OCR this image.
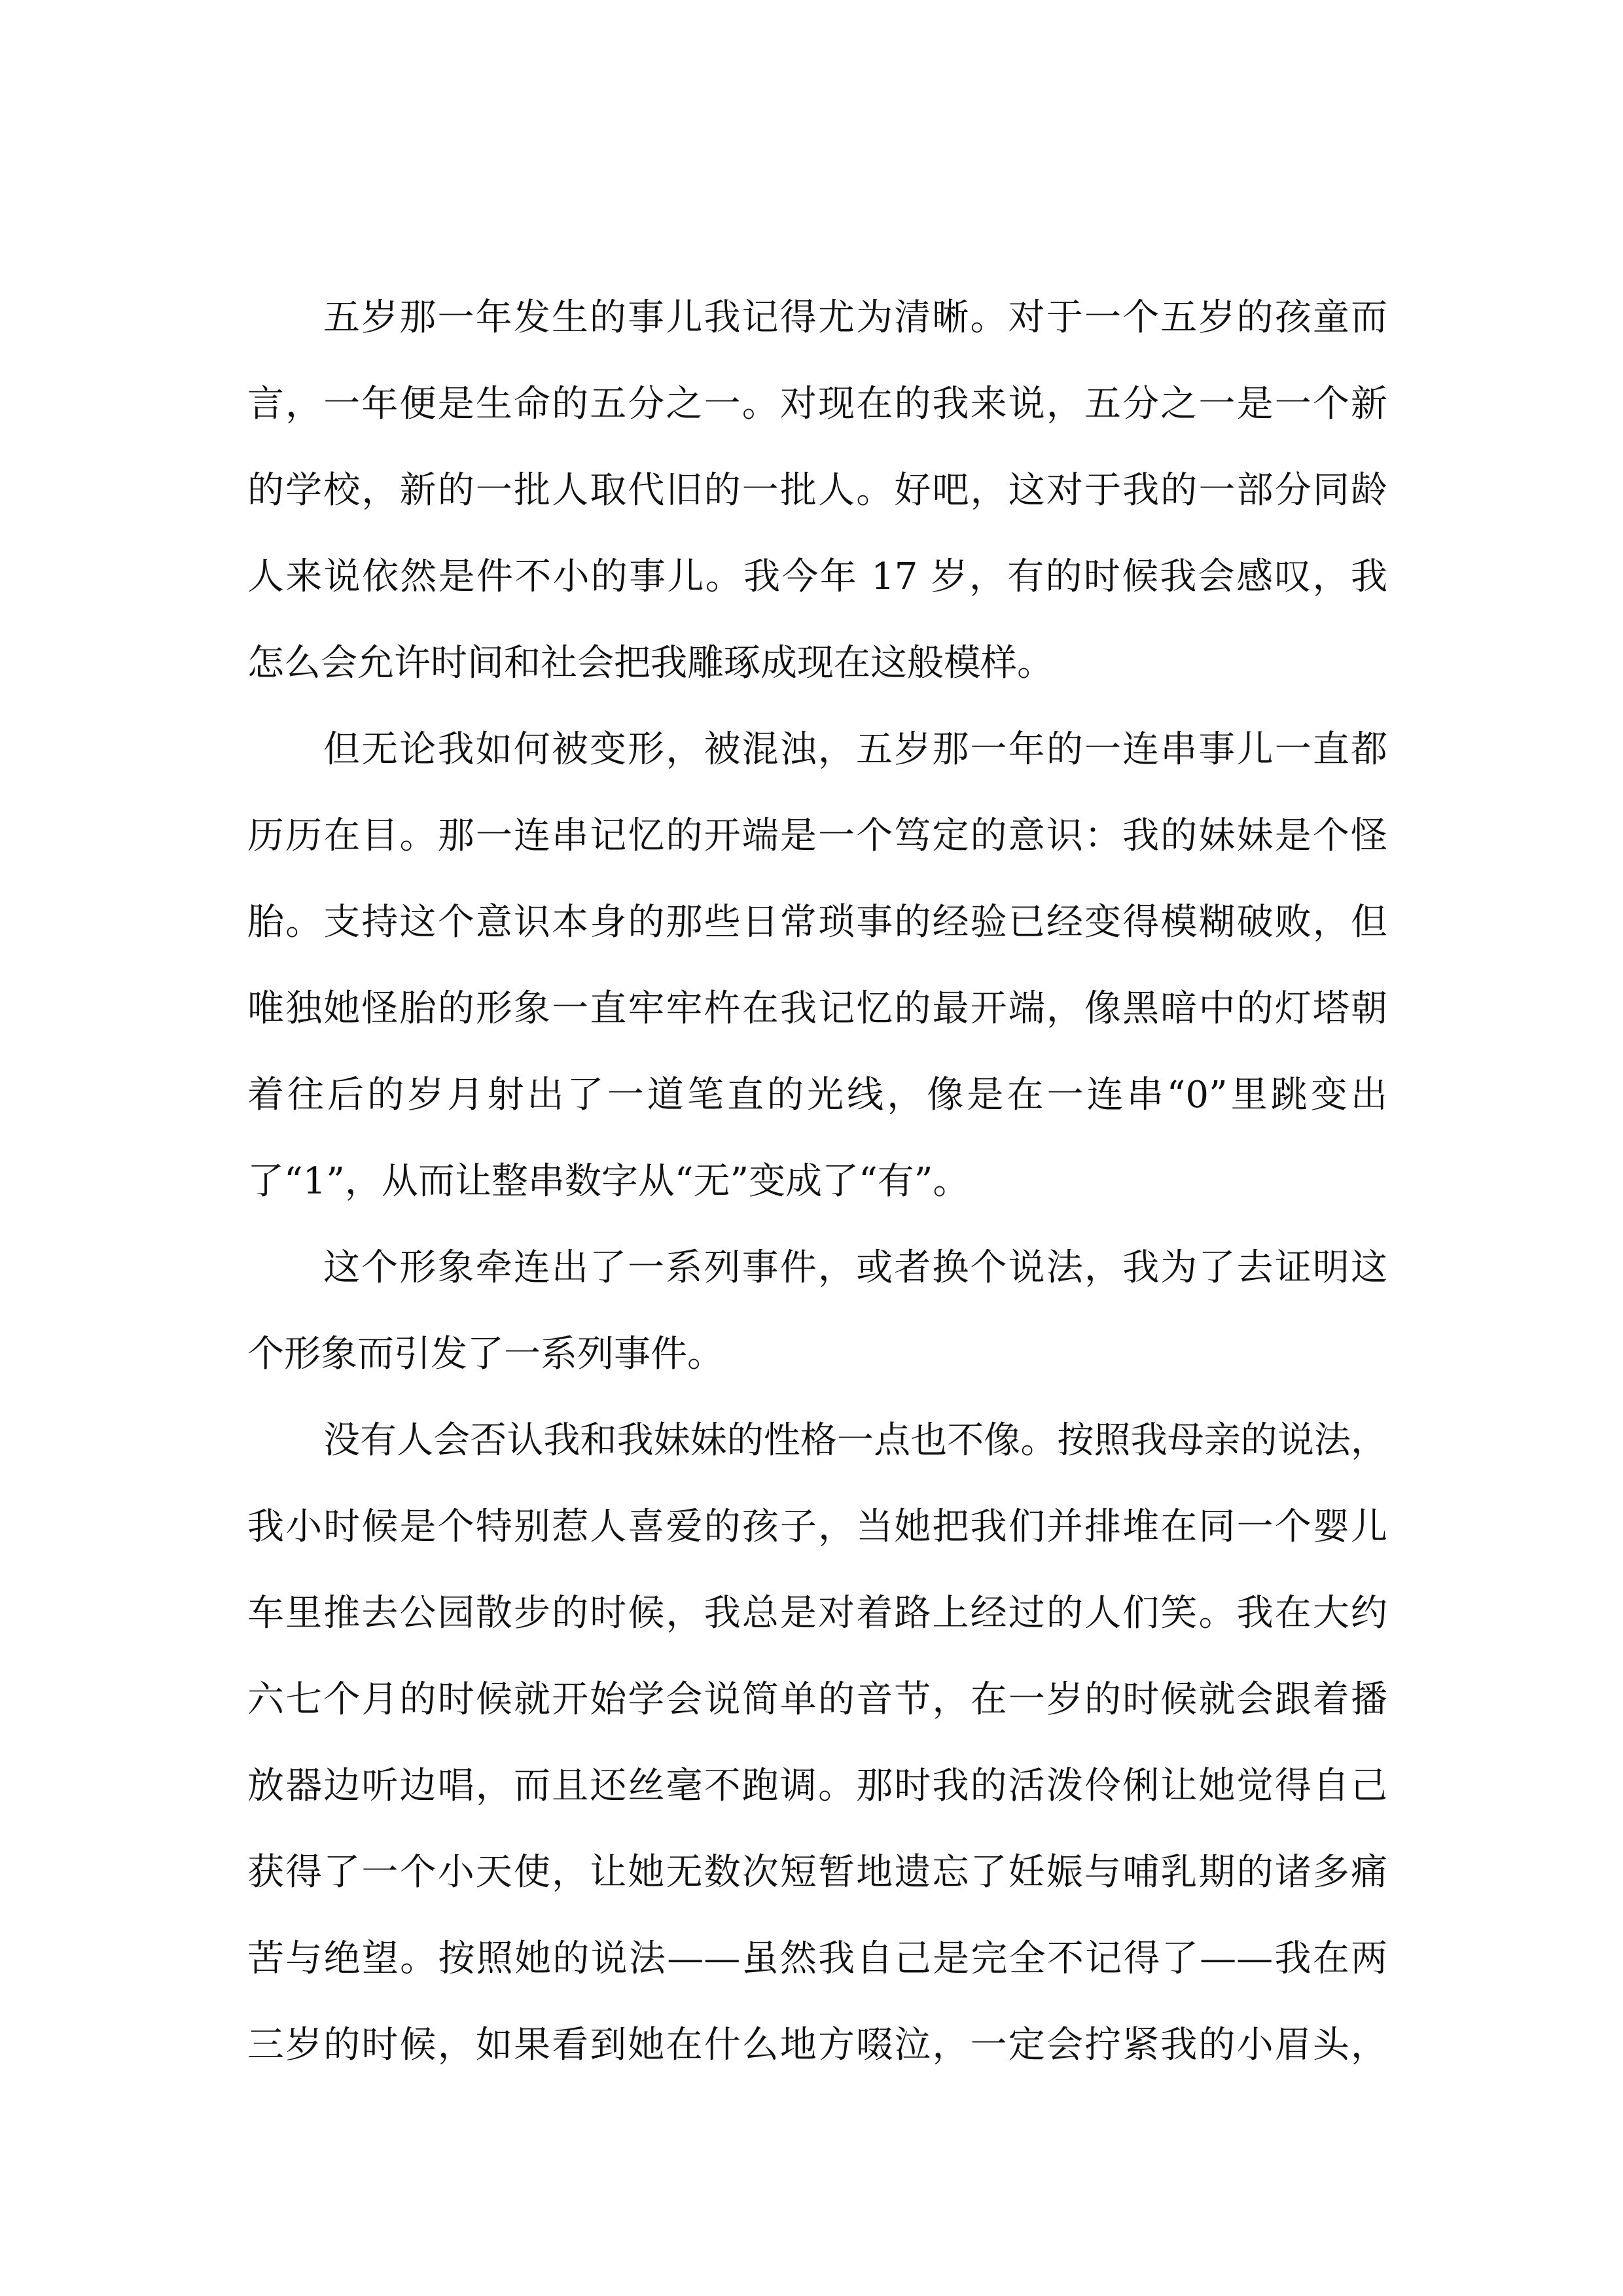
五岁那一年发生的事儿我记得尤为清晰。对于一个五岁的孩童而
言，一年便是生命的五分之一。对现在的我来说，五分之一是一个新
的学校，新的一批人取代旧的一批人。好吧，这对于我的一部分同龄
人来说依然是件不小的事儿。我今年 17 岁，有的时候我会感叹，我
怎么会允许时间和社会把我雕琢成现在这般模样。
但无论我如何被变形，被混浊，五岁那一年的一连串事儿一直都
历历在目。那一连串记忆的开端是一个笃定的意识：我的妹妹是个怪
胎。支持这个意识本身的那些日常琐事的经验已经变得模糊破败，但
唯独她怪胎的形象一直牢牢杵在我记忆的最开端，像黑暗中的灯塔朝
着往后的岁月射出了一道笔直的光线，像是在一连串“0”里跳变出
了“1”，从而让整串数字从“无”变成了“有”。
这个形象牵连出了一系列事件，或者换个说法，我为了去证明这
个形象而引发了一系列事件。
没有人会否认我和我妹妹的性格一点也不像。按照我母亲的说法，
我小时候是个特别惹人喜爱的孩子，当她把我们并排堆在同一个婴儿
车里推去公园散步的时候，我总是对着路上经过的人们笑。我在大约
六七个月的时候就开始学会说简单的音节，在一岁的时候就会跟着播
放器边听边唱，而且还丝毫不跑调。那时我的活泼伶俐让她觉得自己
获得了一个小天使，让她无数次短暂地遗忘了妊娠与哺乳期的诸多痛
苦与绝望。按照她的说法——虽然我自己是完全不记得了——我在两
三岁的时候，如果看到她在什么地方啜泣，一定会拧紧我的小眉头，
